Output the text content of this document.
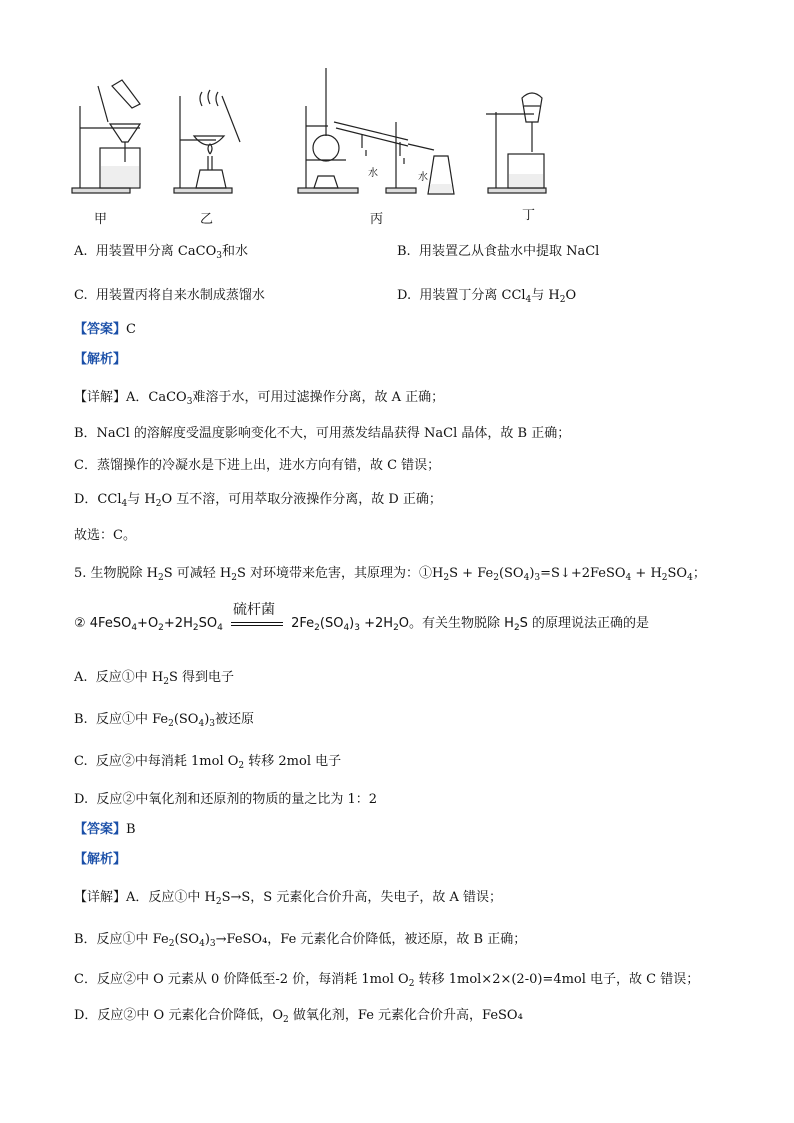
甲	乙	丙	丁
水	水
A. 用装置甲分离 CaCO$_3$和水	B. 用装置乙从食盐水中提取 NaCl
C. 用装置丙将自来水制成蒸馏水	D. 用装置丁分离 CCl$_4$与 $H_2O$
【答案】C
【解析】
【详解】A．CaCO$_3$难溶于水，可用过滤操作分离，故 A 正确；
B．NaCl 的溶解度受温度影响变化不大，可用蒸发结晶获得 NaCl 晶体，故 B 正确；
C．蒸馏操作的冷凝水是下进上出，进水方向有错，故 C 错误；
D．CCl$_4$与 $H_2O$ 互不溶，可用萃取分液操作分离，故 D 正确；
故选：C。
5. 生物脱除 $H_2S$ 可减轻 $H_2S$ 对环境带来危害，其原理为：$①H_2S$ + $Fe_2(SO_4)_3=S↓+2FeSO_4 + H_2SO_4$；
② $4FeSO_4+O_2+2H_2SO_4$
硫杆菌
$2Fe_2(SO_4)_3 +2H_2O$。有关生物脱除 $H_2S$ 的原理说法正确的是
A. 反应①中 $H_2S$ 得到电子
B. 反应①中 $Fe_2(SO_4)_3$被还原
C. 反应②中每消耗 1mol $O_2$ 转移 2mol 电子
D. 反应②中氧化剂和还原剂的物质的量之比为 1：2
【答案】B
【解析】
【详解】A．反应①中 $H_2S\to S$，S 元素化合价升高，失电子，故 A 错误；
B．反应①中 $Fe_2(SO_4)_3\to FeSO_4$，Fe 元素化合价降低，被还原，故 B 正确；
C．反应②中 O 元素从 0 价降低至-2 价，每消耗 1mol $O_2$ 转移 1mol×2×(2-0)=4mol 电子，故 C 错误；
D．反应②中 O 元素化合价降低，$O_2$ 做氧化剂，Fe 元素化合价升高，FeSO₄
